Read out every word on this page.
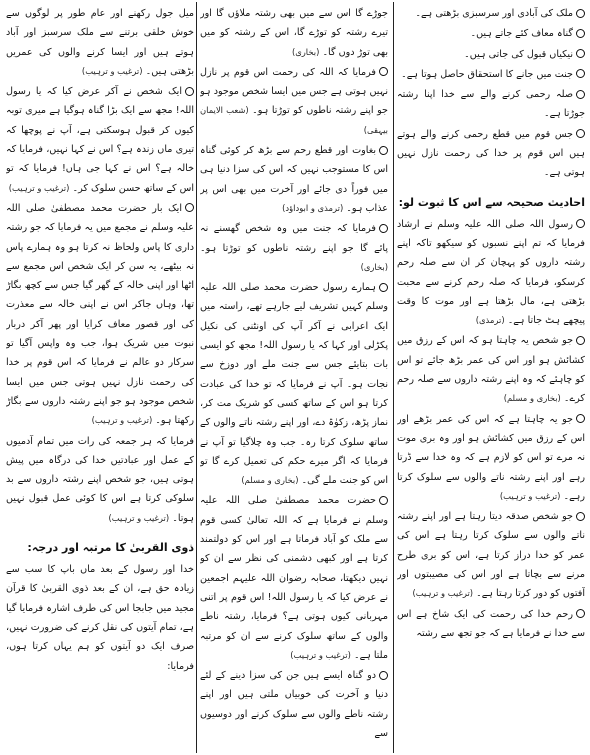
ملک کی آبادی اور سرسبزی بڑھتی ہے۔
گناہ معاف کئے جاتے ہیں۔
نیکیاں قبول کی جاتی ہیں۔
جنت میں جانے کا استحقاق حاصل ہوتا ہے۔
صلہ رحمی کرنے والے سے خدا اپنا رشتہ جوڑتا ہے۔
جس قوم میں قطع رحمی کرنے والے ہوتے ہیں اس قوم پر خدا کی رحمت نازل نہیں ہوتی ہے۔
احادیث صحیحہ سے اس کا ثبوت لو:
رسول اللہ صلی اللہ علیہ وسلم نے ارشاد فرمایا کہ تم اپنے نسبوں کو سیکھو تاکہ اپنے رشتہ داروں کو پہچان کر ان سے صلہ رحم کرسکو، فرمایا کہ صلہ رحم کرنے سے محبت بڑھتی ہے، مال بڑھتا ہے اور موت کا وقت پیچھے ہٹ جاتا ہے۔ (ترمذی)
جو شخص یہ چاہتا ہو کہ اس کے رزق میں کشائش ہو اور اس کی عمر بڑھ جائے تو اس کو چاہئے کہ وہ اپنے رشتہ داروں سے صلہ رحم کرے۔ (بخاری و مسلم)
جو یہ چاہتا ہے کہ اس کی عمر بڑھے اور اس کے رزق میں کشائش ہو اور وہ بری موت نہ مرے تو اس کو لازم ہے کہ وہ خدا سے ڈرتا رہے اور اپنے رشتہ ناتے والوں سے سلوک کرتا رہے۔ (ترغیب و ترہیب)
جو شخص صدقہ دیتا رہتا ہے اور اپنے رشتہ ناتے والوں سے سلوک کرتا رہتا ہے اس کی عمر کو خدا دراز کرتا ہے، اس کو بری طرح مرنے سے بچاتا ہے اور اس کی مصیبتوں اور آفتوں کو دور کرتا رہتا ہے۔ (ترغیب و ترہیب)
رحم خدا کی رحمت کی ایک شاخ ہے اس سے خدا نے فرمایا ہے کہ جو تجھ سے رشتہ
جوڑے گا اس سے میں بھی رشتہ ملاؤں گا اور تیرے رشتہ کو توڑے گا، اس کے رشتہ کو میں بھی توڑ دوں گا۔ (بخاری)
فرمایا کہ اللہ کی رحمت اس قوم پر نازل نہیں ہوتی ہے جس میں ایسا شخص موجود ہو جو اپنے رشتہ ناطوں کو توڑتا ہو۔ (شعب الایمان بیہقی)
بغاوت اور قطع رحم سے بڑھ کر کوئی گناہ اس کا مستوجب نہیں کہ اس کی سزا دنیا ہی میں فوراً دی جائے اور آخرت میں بھی اس پر عذاب ہو۔ (ترمذی و ابوداؤد)
فرمایا کہ جنت میں وہ شخص گھسنے نہ پائے گا جو اپنے رشتہ ناطوں کو توڑتا ہو۔ (بخاری)
ہمارے رسول حضرت محمد صلی اللہ علیہ وسلم کہیں تشریف لیے جارہے تھے، راستہ میں ایک اعرابی نے آکر آپ کی اونٹنی کی نکیل پکڑلی اور کہا کہ یا رسول اللہ! مجھ کو ایسی بات بتایئے جس سے جنت ملے اور دوزخ سے نجات ہو۔ آپ نے فرمایا کہ تو خدا کی عبادت کرتا ہو اس کے ساتھ کسی کو شریک مت کر، نماز پڑھ، زکوٰۃ دے، اور اپنے رشتہ ناتے والوں کے ساتھ سلوک کرتا رہ۔ جب وہ چلاگیا تو آپ نے فرمایا کہ اگر میرے حکم کی تعمیل کرے گا تو اس کو جنت ملے گی۔ (بخاری و مسلم)
حضرت محمد مصطفیٰ صلی اللہ علیہ وسلم نے فرمایا ہے کہ اللہ تعالیٰ کسی قوم سے ملک کو آباد فرماتا ہے اور اس کو دولتمند کرتا ہے اور کبھی دشمنی کی نظر سے ان کو نہیں دیکھتا، صحابہ رضوان اللہ علیہم اجمعین نے عرض کیا کہ یا رسول اللہ! اس قوم پر اتنی مہربانی کیوں ہوتی ہے؟ فرمایا، رشتہ ناطے والوں کے ساتھ سلوک کرنے سے ان کو مرتبہ ملتا ہے۔ (ترغیب و ترہیب)
دو گناہ ایسے ہیں جن کی سزا دینے کے لئے دنیا و آخرت کی خوبیاں ملتی ہیں اور اپنے رشتہ ناطے والوں سے سلوک کرنے اور دوسیوں سے
میل جول رکھنے اور عام طور پر لوگوں سے خوش خلقی برتنے سے ملک سرسبز اور آباد ہوتے ہیں اور ایسا کرنے والوں کی عمریں بڑھتی ہیں۔ (ترغیب و ترہیب)
ایک شخص نے آکر عرض کیا کہ یا رسول اللہ! مجھ سے ایک بڑا گناہ ہوگیا ہے میری توبہ کیوں کر قبول ہوسکتی ہے، آپ نے پوچھا کہ تیری ماں زندہ ہے؟ اس نے کہا نہیں، فرمایا کہ خالہ ہے؟ اس نے کہا جی ہاں! فرمایا کہ تو اس کے ساتھ حسن سلوک کر۔ (ترغیب و ترہیب)
ایک بار حضرت محمد مصطفیٰ صلی اللہ علیہ وسلم نے مجمع میں یہ فرمایا کہ جو رشتہ داری کا پاس ولحاظ نہ کرتا ہو وہ ہمارے پاس نہ بیٹھے، یہ سن کر ایک شخص اس مجمع سے اٹھا اور اپنی خالہ کے گھر گیا جس سے کچھ بگاڑ تھا، وہاں جاکر اس نے اپنی خالہ سے معذرت کی اور قصور معاف کرایا اور پھر آکر دربار نبوت میں شریک ہوا، جب وہ واپس آگیا تو سرکار دو عالم نے فرمایا کہ اس قوم پر خدا کی رحمت نازل نہیں ہوتی جس میں ایسا شخص موجود ہو جو اپنے رشتہ داروں سے بگاڑ رکھتا ہو۔ (ترغیب و ترہیب)
فرمایا کہ ہر جمعہ کی رات میں تمام آدمیوں کے عمل اور عبادتیں خدا کی درگاہ میں پیش ہوتی ہیں، جو شخص اپنے رشتہ داروں سے بد سلوکی کرتا ہے اس کا کوئی عمل قبول نہیں ہوتا۔ (ترغیب و ترہیب)
ذوی القربیٰ کا مرتبہ اور درجہ:

خدا اور رسول کے بعد ماں باپ کا سب سے زیادہ حق ہے، ان کے بعد ذوی القربیٰ کا قرآن مجید میں جابجا اس کی طرف اشارہ فرمایا گیا ہے، تمام آیتوں کی نقل کرنے کی ضرورت نہیں، صرف ایک دو آیتوں کو ہم یہاں کرتا ہوں، فرمایا:
